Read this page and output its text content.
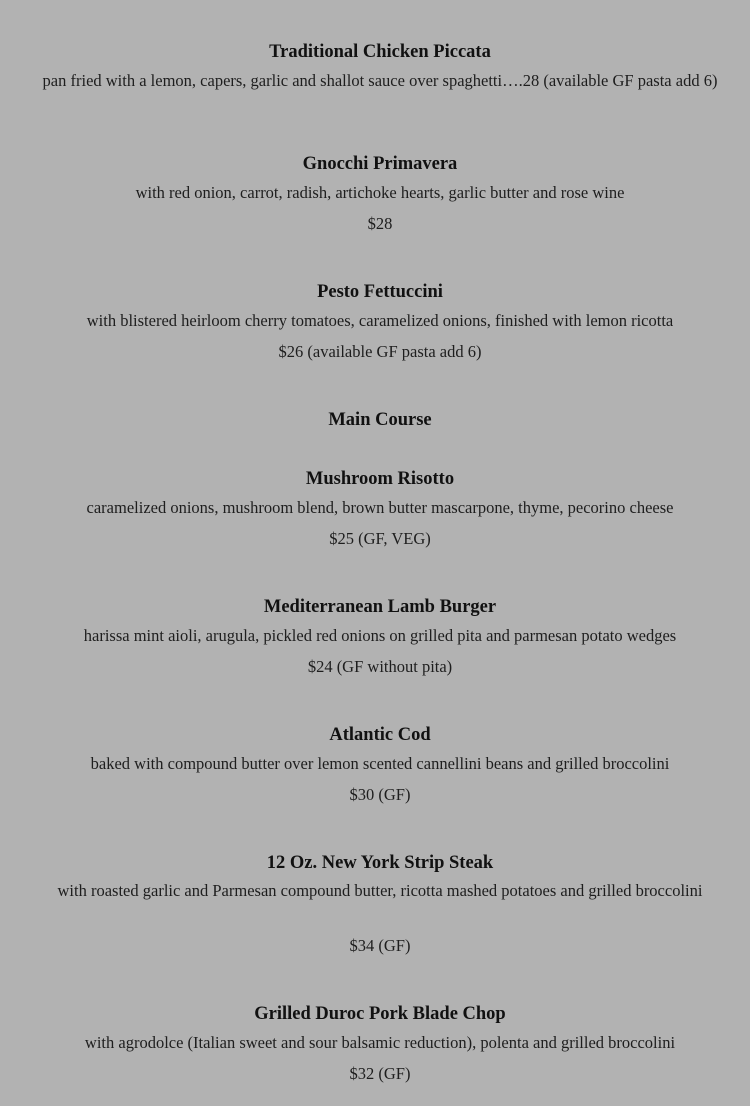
Traditional Chicken Piccata
pan fried with a lemon, capers, garlic and shallot sauce over spaghetti….28 (available GF pasta add 6)
Gnocchi Primavera
with red onion, carrot, radish, artichoke hearts, garlic butter and rose wine
$28
Pesto Fettuccini
with blistered heirloom cherry tomatoes, caramelized onions, finished with lemon ricotta
$26 (available GF pasta add 6)
Main Course
Mushroom Risotto
caramelized onions, mushroom blend, brown butter mascarpone, thyme, pecorino cheese
$25 (GF, VEG)
Mediterranean Lamb Burger
harissa mint aioli, arugula, pickled red onions on grilled pita and parmesan potato wedges
$24 (GF without pita)
Atlantic Cod
baked with compound butter over lemon scented cannellini beans and grilled broccolini
$30 (GF)
12 Oz. New York Strip Steak
with roasted garlic and Parmesan compound butter, ricotta mashed potatoes and grilled broccolini
$34 (GF)
Grilled Duroc Pork Blade Chop
with agrodolce (Italian sweet and sour balsamic reduction), polenta and grilled broccolini
$32 (GF)
